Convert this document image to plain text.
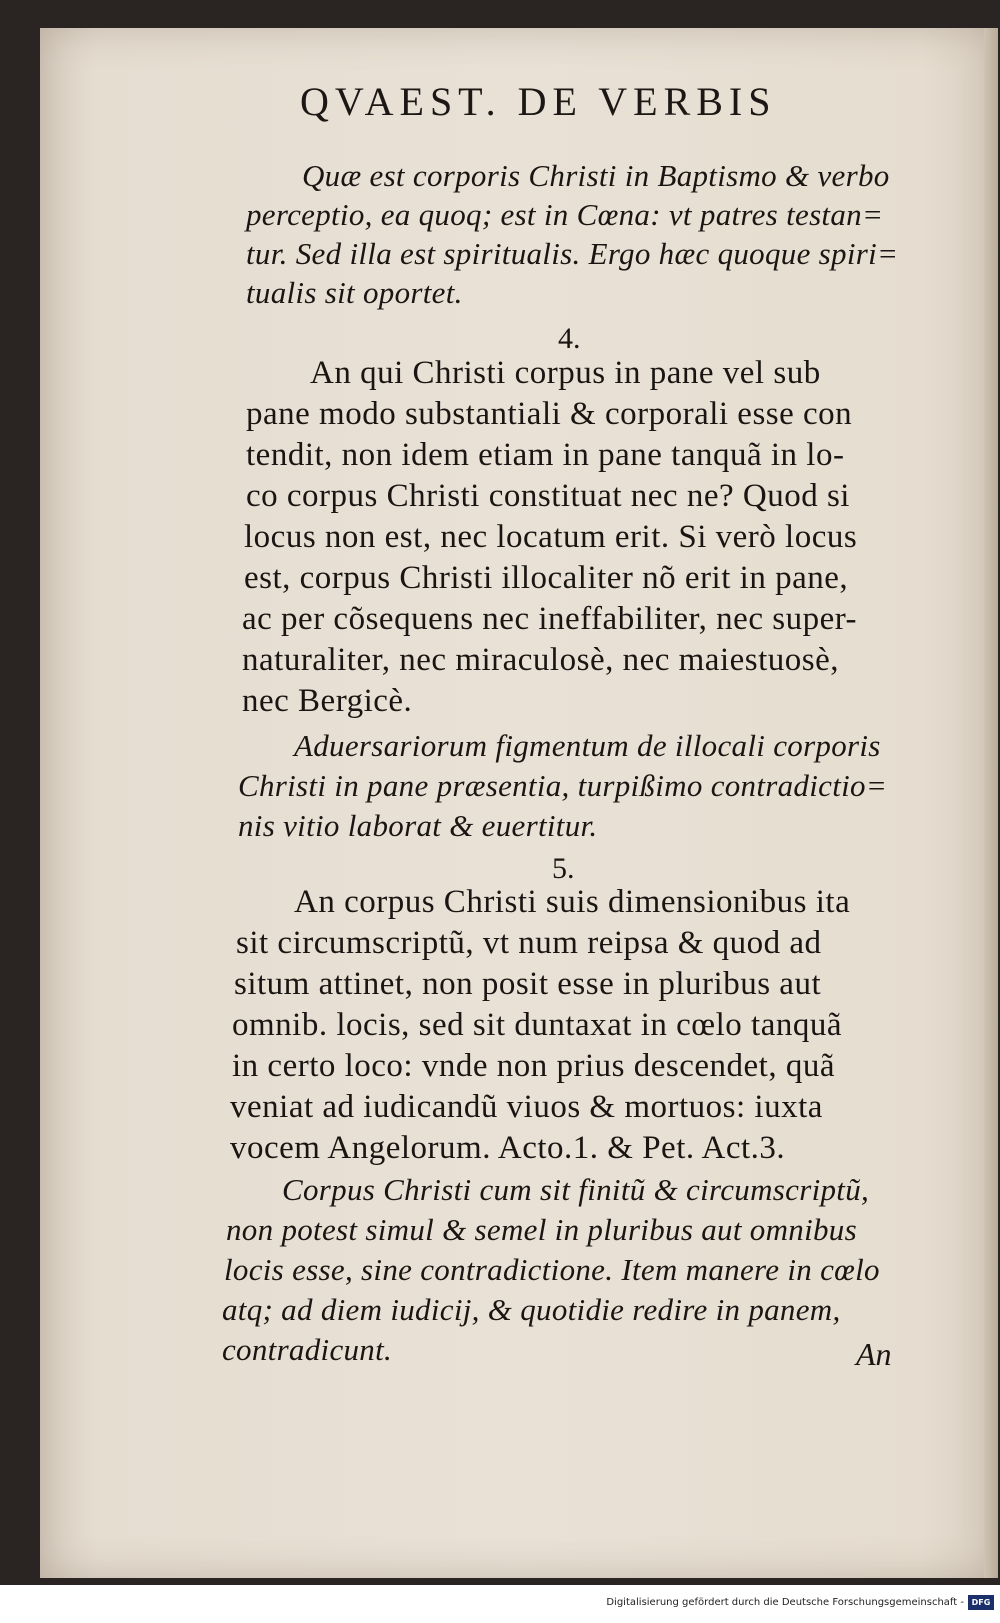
QVAEST. DE VERBIS
Quæ est corporis Christi in Baptismo & verbo
perceptio, ea quoq; est in Cœna: vt patres testan=
tur. Sed illa est spiritualis. Ergo hæc quoque spiri=
tualis sit oportet.
4.
An qui Christi corpus in pane vel sub
pane modo substantiali & corporali esse con
tendit, non idem etiam in pane tanquã in lo-
co corpus Christi constituat nec ne? Quod si
locus non est, nec locatum erit. Si verò locus
est, corpus Christi illocaliter nõ erit in pane,
ac per cõsequens nec ineffabiliter, nec super-
naturaliter, nec miraculosè, nec maiestuosè,
nec Bergicè.
Aduersariorum figmentum de illocali corporis
Christi in pane præsentia, turpißimo contradictio=
nis vitio laborat & euertitur.
5.
An corpus Christi suis dimensionibus ita
sit circumscriptũ, vt num reipsa & quod ad
situm attinet, non posit esse in pluribus aut
omnib. locis, sed sit duntaxat in cœlo tanquã
in certo loco: vnde non prius descendet, quã
veniat ad iudicandũ viuos & mortuos: iuxta
vocem Angelorum. Acto.1. & Pet. Act.3.
Corpus Christi cum sit finitũ & circumscriptũ,
non potest simul & semel in pluribus aut omnibus
locis esse, sine contradictione. Item manere in cœlo
atq; ad diem iudicij, & quotidie redire in panem,
contradicunt.	An
Digitalisierung gefördert durch die Deutsche Forschungsgemeinschaft - DFG
